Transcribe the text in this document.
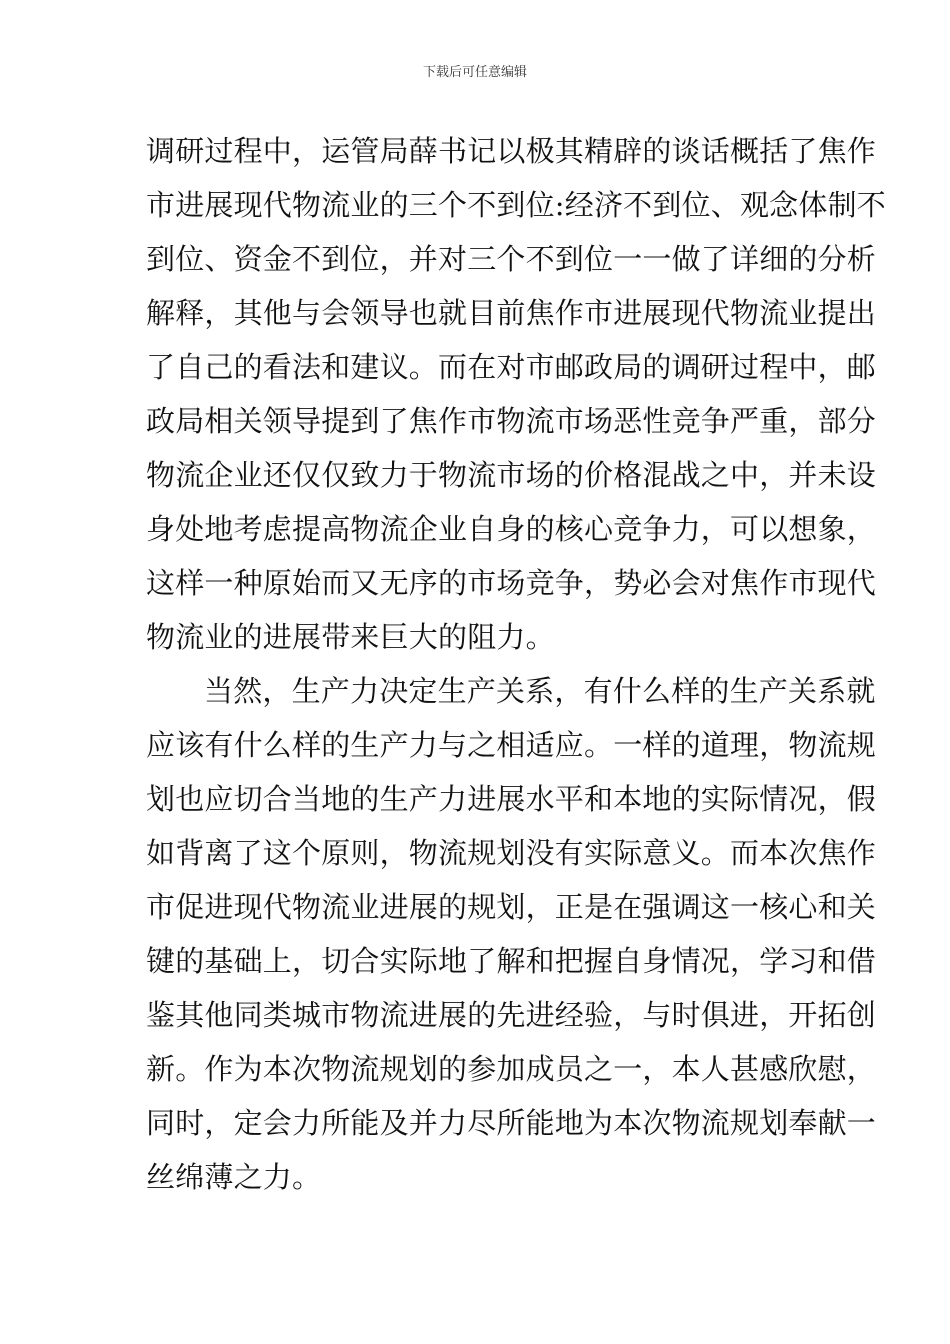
下载后可任意编辑
调研过程中，运管局薛书记以极其精辟的谈话概括了焦作
市进展现代物流业的三个不到位:经济不到位、观念体制不
到位、资金不到位，并对三个不到位一一做了详细的分析
解释，其他与会领导也就目前焦作市进展现代物流业提出
了自己的看法和建议。而在对市邮政局的调研过程中，邮
政局相关领导提到了焦作市物流市场恶性竞争严重，部分
物流企业还仅仅致力于物流市场的价格混战之中，并未设
身处地考虑提高物流企业自身的核心竞争力，可以想象，
这样一种原始而又无序的市场竞争，势必会对焦作市现代
物流业的进展带来巨大的阻力。
当然，生产力决定生产关系，有什么样的生产关系就
应该有什么样的生产力与之相适应。一样的道理，物流规
划也应切合当地的生产力进展水平和本地的实际情况，假
如背离了这个原则，物流规划没有实际意义。而本次焦作
市促进现代物流业进展的规划，正是在强调这一核心和关
键的基础上，切合实际地了解和把握自身情况，学习和借
鉴其他同类城市物流进展的先进经验，与时俱进，开拓创
新。作为本次物流规划的参加成员之一，本人甚感欣慰，
同时，定会力所能及并力尽所能地为本次物流规划奉献一
丝绵薄之力。
